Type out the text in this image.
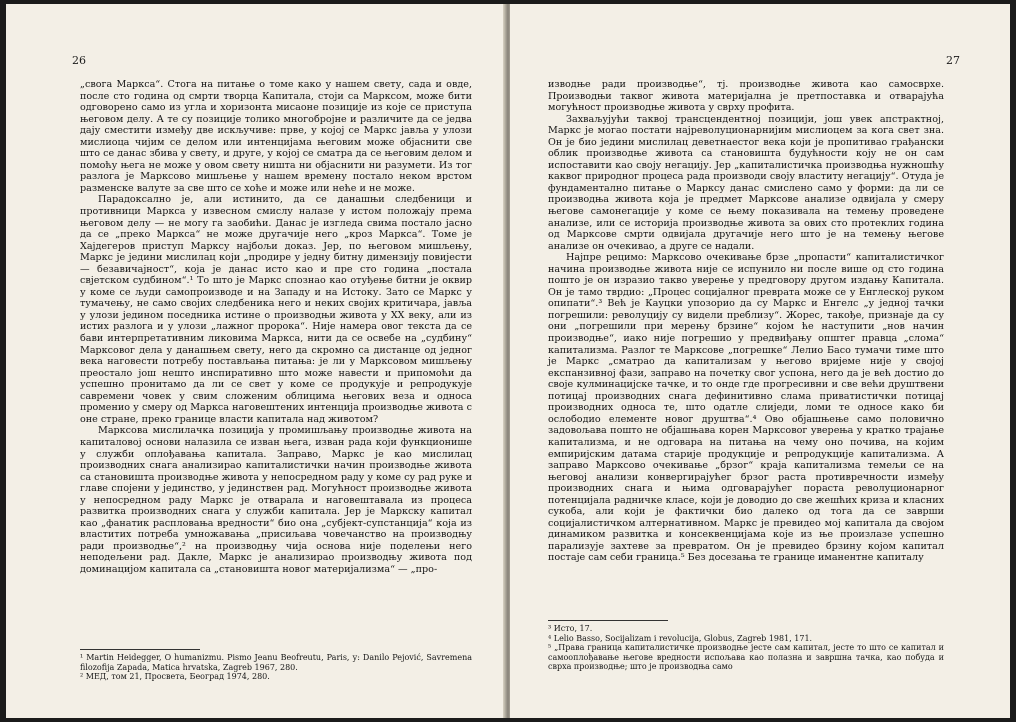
26

„свога Маркса“. Стога на питање о томе како у нашем свету, сада и овде, после сто година од смрти творца Капитала, стоји са Марксом, може бити одговорено само из угла и хоризонта мисаоне позиције из које се приступа његовом делу. А те су позиције толико многобројне и различите да се једва дају сместити између две искључиве: прве, у којој се Маркс јавља у улози мислиоца чијим се делом или интенцијама његовим може објаснити све што се данас збива у свету, и друге, у којој се сматра да се његовим делом и помоћу њега не може у овом свету ништа ни објаснити ни разумети. Из тог разлога је Марксово мишљење у нашем времену постало неком врстом разменске валуте за све што се хоће и може или неће и не може.

Парадоксално је, али истинито, да се данашњи следбеници и противници Маркса у извесном смислу налазе у истом положају према његовом делу — не могу га заобићи. Данас је изгледа свима постало јасно да се „преко Маркса“ не може другачије него „кроз Маркса“. Томе је Хајдегеров приступ Марксу најбољи доказ. Јер, по његовом мишљењу, Маркс је једини мислилац који „продире у једну битну димензију повијести — безавичајност“, која је данас исто као и пре сто година „постала свјетском судбином“.¹ То што је Маркс спознао као отуђење битни је оквир у коме се људи самопроизводе и на Западу и на Истоку. Зато се Маркс у тумачењу, не само својих следбеника него и неких својих критичара, јавља у улози једином поседника истине о производњи живота у XX веку, али из истих разлога и у улози „лажног пророка“. Није намера овог текста да се бави интерпретативним ликовима Маркса, нити да се освебе на „судбину“ Марксовог дела у данашњем свету, него да скромно са дистанце од једног века наговести потребу постављања питања: је ли у Марксовом мишљењу преостало још нешто инспиративно што може навести и припомоћи да успешно пронитамо да ли се свет у коме се продукује и репродукује савремени човек у свим сложеним облицима његових веза и односа променио у смеру од Маркса наговештених интенција производње живота с оне стране, преко границе власти капитала над животом?

Марксова мислилачка позиција у промишљању производње живота на капиталовој основи налазила се изван њега, изван рада који функционише у служби оплођавања капитала. Заправо, Маркс је као мислилац производних снага анализирао капиталистички начин производње живота са становишта производње живота у непосредном раду у коме су рад руке и главе спојени у јединство, у јединствен рад. Могућност производње живота у непосредном раду Маркс је отварала и наговештавала из процеса развитка производних снага у служби капитала. Јер је Маркску капитал као „фанатик распловања вредности“ био она „субјект-супстанција“ која из властитих потреба умножавања „присиљава човечанство на производњу ради производње“,² на производњу чија основа није поделењи него неподељени рад. Дакле, Маркс је анализирао производњу живота под доминацијом капитала са „становишта новог материјализма“ — „про-

¹ Martin Heidegger, O humanizmu. Pismo Jeanu Beofreutu, Paris, у: Danilo Pejović, Savremena filozofija Zapada, Matica hrvatska, Zagreb 1967, 280.

² МЕД, том 21, Просвета, Београд 1974, 280.

27

изводње ради производње“, тј. производње живота као самосврхе. Производњи таквог живота материјална је претпоставка и отварајућа могућност производње живота у сврху профита.

Захваљујући таквој трансцендентној позицији, још увек апстрактној, Маркс је могао постати најреволуционарнијим мислиоцем за кога свет зна. Он је био једини мислилац деветнаестог века који је пропитивао грађански облик производње живота са становишта будућности коју не он сам испоставити као своју негацију. Јер „капиталистичка производња нужношћу каквог природног процеса рада производи своју властиту негацију“. Отуда је фундаментално питање о Марксу данас смислено само у форми: да ли се производња живота која је предмет Марксове анализе одвијала у смеру његове самонегације у коме се њему показивала на темењу проведене анализе, или се историја производње живота за ових сто протеклих година од Марксове смрти одвијала другачије него што је на темењу његове анализе он очекивао, а друге се надали.

Најпре рецимо: Марксово очекивање брзе „пропасти“ капиталистичког начина производње живота није се испунило ни после више од сто година пошто је он изразио такво уверење у предговору другом издању Капитала. Он је тамо тврдио: „Процес социјалног преврата може се у Енглеској руком опипати“.³ Већ је Кауцки упозорио да су Маркс и Енгелс „у једној тачки погрешили: револуцију су видели преблизу“. Жорес, такође, признаје да су они „погрешили при мерењу брзине“ којом ће наступити „нов начин производње“, иако није погрешио у предвиђању општег правца „слома“ капитализма. Разлог те Марксове „погрешке“ Лелио Басо тумачи тиме што је Маркс „сматрао да капитализам у његово вријеме није у својој експанзивној фази, заправо на почетку свог успона, него да је већ достио до своје кулминацијске тачке, и то онде где прогресивни и све већи друштвени потицај производних снага дефинитивно слама приватистички потицај производних односа те, што одатле слиједи, ломи те односе како би ослободио елементе новог друштва“.⁴ Ово објашњење само половично задовољава пошто не објашњава корен Марксовог уверења у кратко трајање капитализма, и не одговара на питања на чему оно почива, на којим емпиријским датама старије продукције и репродукције капитализма. А заправо Марксово очекивање „брзог“ краја капитализма темељи се на његовој анализи конвергирајућег брзог раста противречности између производних снага и њима одговарајућег пораста револуционарног потенцијала радничке класе, који је доводио до све жешћих криза и класних сукоба, али који је фактички био далеко од тога да се заврши социјалистичком алтернативном. Маркс је превидео мој капитала да својом динамиком развитка и консеквенцијама које из ње произлазе успешно парализује захтеве за превратом. Он је превидео брзину којом капитал постаје сам себи граница.⁵ Без досезања те границе иманентне капиталу

³ Исто, 17.

⁴ Lelio Basso, Socijalizam i revolucija, Globus, Zagreb 1981, 171.

⁵ „Права граница капиталистичке производње јесте сам капитал, јесте то што се капитал и самооплођавање његове вредности испољава као полазна и завршна тачка, као побуда и сврха производње; што је производња само
